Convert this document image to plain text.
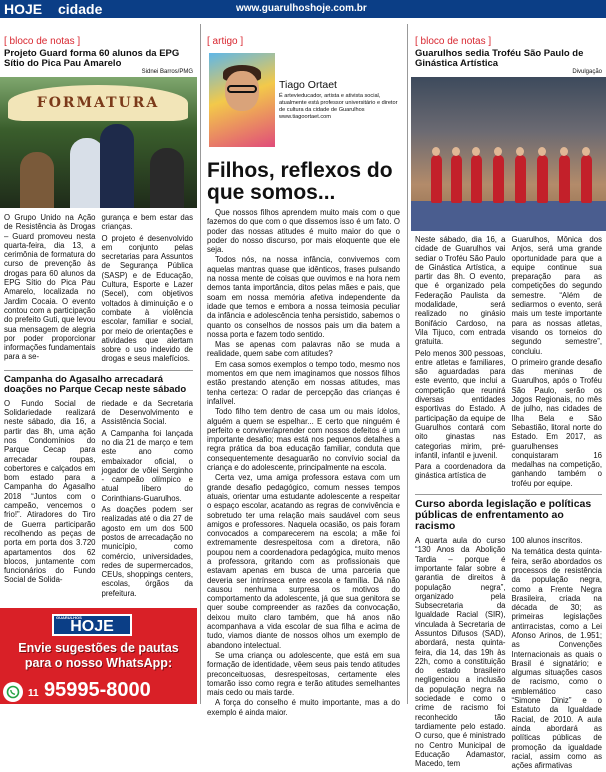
HOJE cidade	www.guarulhoshoje.com.br
[ bloco de notas ]
Projeto Guard forma 60 alunos da EPG Sítio do Pica Pau Amarelo
Sidnei Barros/PMG
FORMATURA

O Grupo Unido na Ação de Resistência às Drogas – Guard promoveu nesta quarta-feira, dia 13, a cerimônia de formatura do curso de prevenção às drogas para 60 alunos da EPG Sítio do Pica Pau Amarelo, localizada no Jardim Cocaia. O evento contou com a participação do prefeito Guti, que levou sua mensagem de alegria por poder proporcionar informações fundamentais para a se-

gurança e bem estar das crianças.

O projeto é desenvolvido em conjunto pelas secretarias para Assuntos de Segurança Pública (SASP) e de Educação, Cultura, Esporte e Lazer (Secel), com objetivos voltados à diminuição e o combate à violência escolar, familiar e social, por meio de orientações e atividades que alertam sobre o uso indevido de drogas e seus malefícios.

Campanha do Agasalho arrecadará doações no Parque Cecap neste sábado

O Fundo Social de Solidariedade realizará neste sábado, dia 16, a partir das 8h, uma ação nos Condomínios do Parque Cecap para arrecadar roupas, cobertores e calçados em bom estado para a Campanha do Agasalho 2018 “Juntos com o campeão, vencemos o frio!”. Atiradores do Tiro de Guerra participarão recolhendo as peças de porta em porta dos 3.720 apartamentos dos 62 blocos, juntamente com funcionários do Fundo Social de Solida-

riedade e da Secretaria de Desenvolvimento e Assistência Social.

A Campanha foi lançada no dia 21 de março e tem este ano como embaixador oficial, o jogador de vôlei Serginho - campeão olímpico e atual líbero do Corinthians-Guarulhos.

As doações podem ser realizadas até o dia 27 de agosto em um dos 500 postos de arrecadação no município, como comércio, universidades, redes de supermercados, CEUs, shoppings centers, escolas, órgãos da prefeitura.

GUARULHOS
HOJE
Envie sugestões de pautas para o nosso WhatsApp:
11 95995-8000
[ artigo ]
Tiago Ortaet
É artevieducador, artista e ativista social, atualmente está professor universitário e diretor de cultura da cidade de Guarulhos www.tiagoortaet.com
Filhos, reflexos do que somos...

Que nossos filhos aprendem muito mais com o que fazemos do que com o que dissemos isso é um fato. O poder das nossas atitudes é muito maior do que o poder do nosso discurso, por mais eloquente que ele seja.

Todos nós, na nossa infância, convivemos com aquelas mantras quase que idênticos, frases pulsando na nossa mente de coisas que ouvimos e na hora nem demos tanta importância, ditos pelas mães e pais, que soam em nossa memória afetiva independente da idade que temos e embora a nossa teimosia peculiar da infância e adolescência tenha persistido, sabemos o quanto os conselhos de nossos pais um dia batem a nossa porta e fazem todo sentido.

Mas se apenas com palavras não se muda a realidade, quem sabe com atitudes?

Em casa somos exemplos o tempo todo, mesmo nos momentos em que nem imaginamos que nossos filhos estão prestando atenção em nossas atitudes, mas tenha certeza: O radar de percepção das crianças é infalível.

Todo filho tem dentro de casa um ou mais ídolos, alguém a quem se espelhar... E certo que ninguém é perfeito e conviver/aprender com nossos defeitos é um importante desafio; mas está nos pequenos detalhes a regra prática da boa educação familiar, conduta que consequentemente desaguarão no convívio social da criança e do adolescente, principalmente na escola.

Certa vez, uma amiga professora estava com um grande desafio pedagógico, comum nesses tempos atuais, orientar uma estudante adolescente a respeitar o espaço escolar, acatando as regras de convivência e sobretudo ter uma relação mais saudável com seus amigos e professores. Naquela ocasião, os pais foram convocados a comparecerem na escola; a mãe foi extremamente desrespeitosa com a diretora, não poupou nem a coordenadora pedagógica, muito menos a professora, gritando com as profissionais que estavam apenas em busca de uma parceria que deveria ser intrínseca entre escola e família. Dá não causou nenhuma surpresa os motivos do comportamento da adolescente, já que sua genitora se quer soube compreender as razões da convocação, deixou muito claro também, que há anos não acompanhava a vida escolar de sua filha e acima de tudo, viamos diante de nossos olhos um exemplo de abandono intelectual.

Se uma criança ou adolescente, que está em sua formação de identidade, vêem seus pais tendo atitudes preconceituosas, desrespeitosas, certamente eles tomarão isso como regra e terão atitudes semelhantes mais cedo ou mais tarde.

A força do conselho é muito importante, mas a do exemplo é ainda maior.

[ bloco de notas ]
Guarulhos sedia Troféu São Paulo de Ginástica Artística
Divulgação

Neste sábado, dia 16, a cidade de Guarulhos vai sediar o Troféu São Paulo de Ginástica Artística, a partir das 8h. O evento, que é organizado pela Federação Paulista da modalidade, será realizado no ginásio Bonifácio Cardoso, na Vila Tijuco, com entrada gratuita.

Pelo menos 300 pessoas, entre atletas e familiares, são aguardadas para este evento, que inclui a competição que reunirá diversas entidades esportivas do Estado. A participação da equipe de Guarulhos contará com oito ginastas nas categorias mirim, pré-infantil, infantil e juvenil.

Para a coordenadora da ginástica artística de

Guarulhos, Mônica dos Anjos, será uma grande oportunidade para que a equipe continue sua preparação para as competições do segundo semestre. “Além de sediarmos o evento, será mais um teste importante para as nossas atletas, visando os torneios do segundo semestre”, concluiu.

O primeiro grande desafio das meninas de Guarulhos, após o Troféu São Paulo, serão os Jogos Regionais, no mês de julho, nas cidades de Ilha Bela e São Sebastião, litoral norte do Estado. Em 2017, as guarulhenses conquistaram 16 medalhas na competição, ganhando também o troféu por equipe.

Curso aborda legislação e políticas públicas de enfrentamento ao racismo

A quarta aula do curso “130 Anos da Abolição Tardia – porque é importante falar sobre a garantia de direitos à população negra”, organizado pela Subsecretaria da Igualdade Racial (SIR), vinculada à Secretaria de Assuntos Difusos (SAD), abordará, nesta quinta-feira, dia 14, das 19h às 22h, como a constituição do estado brasileiro negligenciou a inclusão da população negra na sociedade e como o crime de racismo foi reconhecido tão tardiamente pelo estado. O curso, que é ministrado no Centro Municipal de Educação Adamastor, Macedo, tem

100 alunos inscritos.

Na temática desta quinta-feira, serão abordados os processos de resistência da população negra, como a Frente Negra Brasileira, criada na década de 30; as primeiras legislações antirracistas, como a Lei Afonso Arinos, de 1.951; as Convenções Internacionais as quais o Brasil é signatário; e algumas situações casos de racismo, como o emblemático caso “Simone Diniz” e o Estatuto da Igualdade Racial, de 2010. A aula ainda abordará as políticas públicas de promoção da igualdade racial, assim como as ações afirmativas
